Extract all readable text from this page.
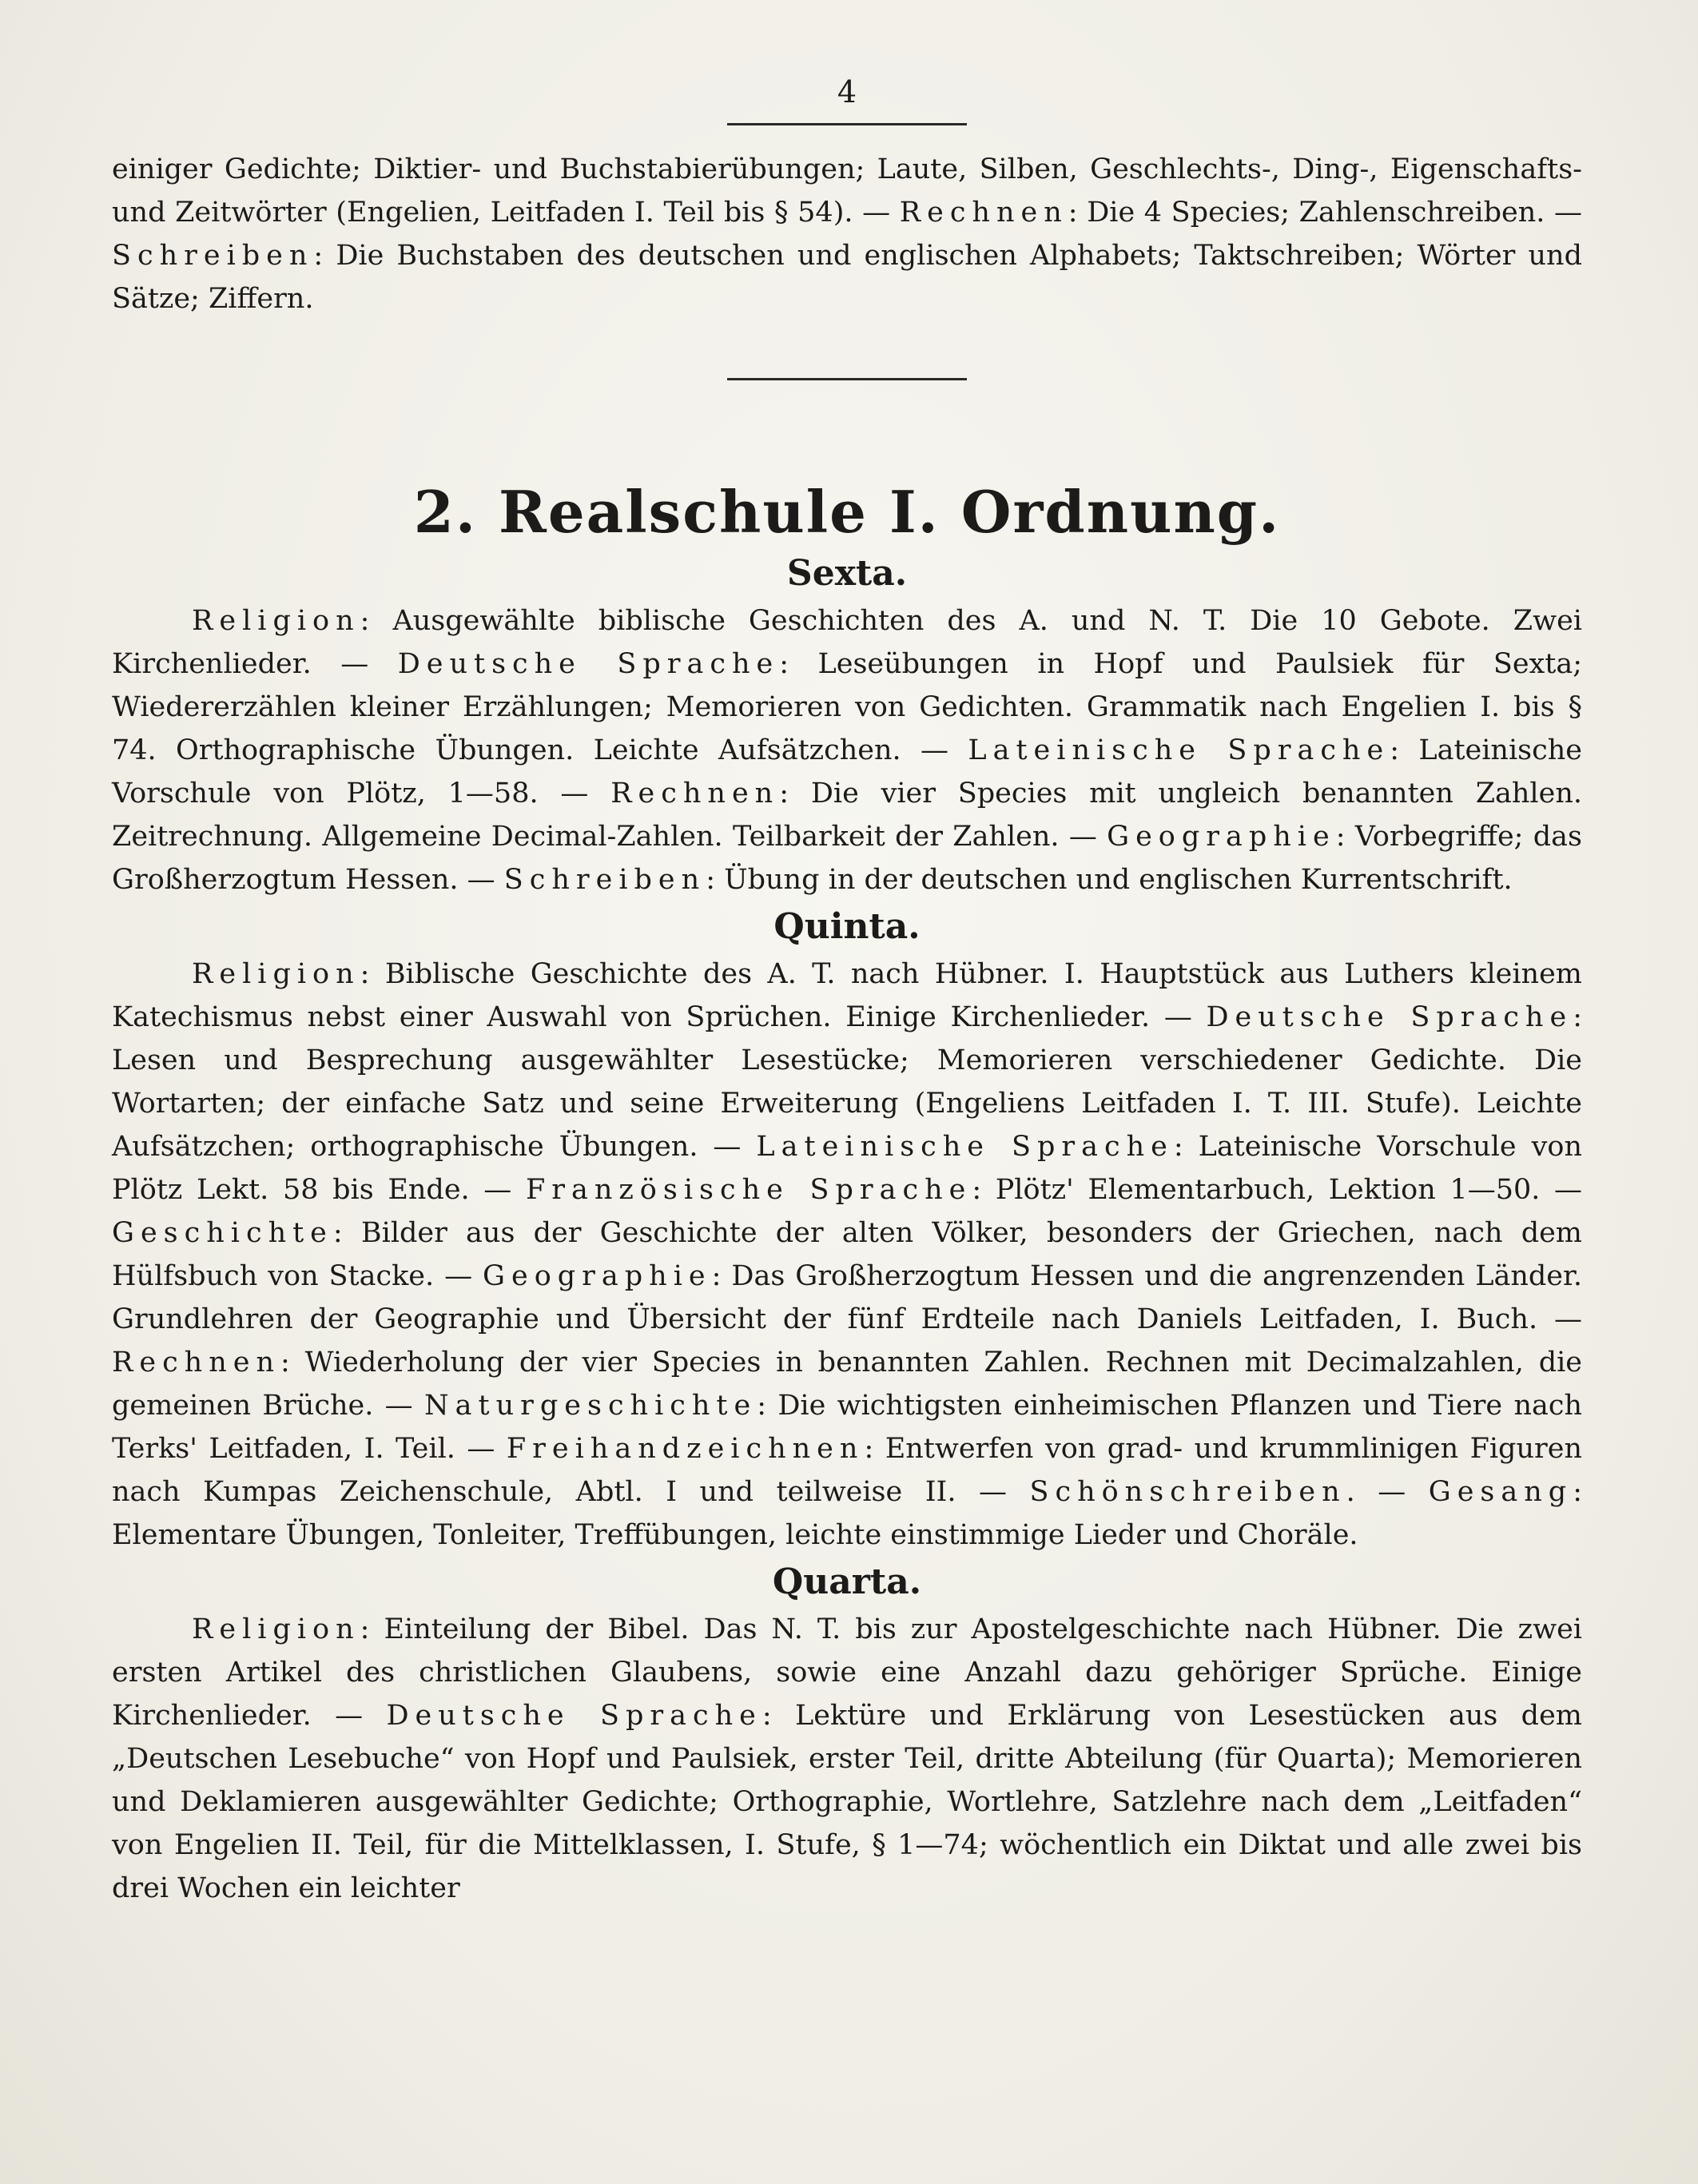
4

einiger Gedichte; Diktier- und Buchstabierübungen; Laute, Silben, Geschlechts-, Ding-, Eigenschafts- und Zeitwörter (Engelien, Leitfaden I. Teil bis § 54). — Rechnen: Die 4 Species; Zahlenschreiben. — Schreiben: Die Buchstaben des deutschen und englischen Alphabets; Taktschreiben; Wörter und Sätze; Ziffern.

2. Realschule I. Ordnung.
Sexta.

Religion: Ausgewählte biblische Geschichten des A. und N. T. Die 10 Gebote. Zwei Kirchenlieder. — Deutsche Sprache: Leseübungen in Hopf und Paulsiek für Sexta; Wiedererzählen kleiner Erzählungen; Memorieren von Gedichten. Grammatik nach Engelien I. bis § 74. Orthographische Übungen. Leichte Aufsätzchen. — Lateinische Sprache: Lateinische Vorschule von Plötz, 1—58. — Rechnen: Die vier Species mit ungleich benannten Zahlen. Zeitrechnung. Allgemeine Decimal-Zahlen. Teilbarkeit der Zahlen. — Geographie: Vorbegriffe; das Großherzogtum Hessen. — Schreiben: Übung in der deutschen und englischen Kurrentschrift.

Quinta.

Religion: Biblische Geschichte des A. T. nach Hübner. I. Hauptstück aus Luthers kleinem Katechismus nebst einer Auswahl von Sprüchen. Einige Kirchenlieder. — Deutsche Sprache: Lesen und Besprechung ausgewählter Lesestücke; Memorieren verschiedener Gedichte. Die Wortarten; der einfache Satz und seine Erweiterung (Engeliens Leitfaden I. T. III. Stufe). Leichte Aufsätzchen; orthographische Übungen. — Lateinische Sprache: Lateinische Vorschule von Plötz Lekt. 58 bis Ende. — Französische Sprache: Plötz' Elementarbuch, Lektion 1—50. — Geschichte: Bilder aus der Geschichte der alten Völker, besonders der Griechen, nach dem Hülfsbuch von Stacke. — Geographie: Das Großherzogtum Hessen und die angrenzenden Länder. Grundlehren der Geographie und Übersicht der fünf Erdteile nach Daniels Leitfaden, I. Buch. — Rechnen: Wiederholung der vier Species in benannten Zahlen. Rechnen mit Decimalzahlen, die gemeinen Brüche. — Naturgeschichte: Die wichtigsten einheimischen Pflanzen und Tiere nach Terks' Leitfaden, I. Teil. — Freihandzeichnen: Entwerfen von grad- und krummlinigen Figuren nach Kumpas Zeichenschule, Abtl. I und teilweise II. — Schönschreiben. — Gesang: Elementare Übungen, Tonleiter, Treffübungen, leichte einstimmige Lieder und Choräle.

Quarta.

Religion: Einteilung der Bibel. Das N. T. bis zur Apostelgeschichte nach Hübner. Die zwei ersten Artikel des christlichen Glaubens, sowie eine Anzahl dazu gehöriger Sprüche. Einige Kirchenlieder. — Deutsche Sprache: Lektüre und Erklärung von Lesestücken aus dem „Deutschen Lesebuche“ von Hopf und Paulsiek, erster Teil, dritte Abteilung (für Quarta); Memorieren und Deklamieren ausgewählter Gedichte; Orthographie, Wortlehre, Satzlehre nach dem „Leitfaden“ von Engelien II. Teil, für die Mittelklassen, I. Stufe, § 1—74; wöchentlich ein Diktat und alle zwei bis drei Wochen ein leichter
